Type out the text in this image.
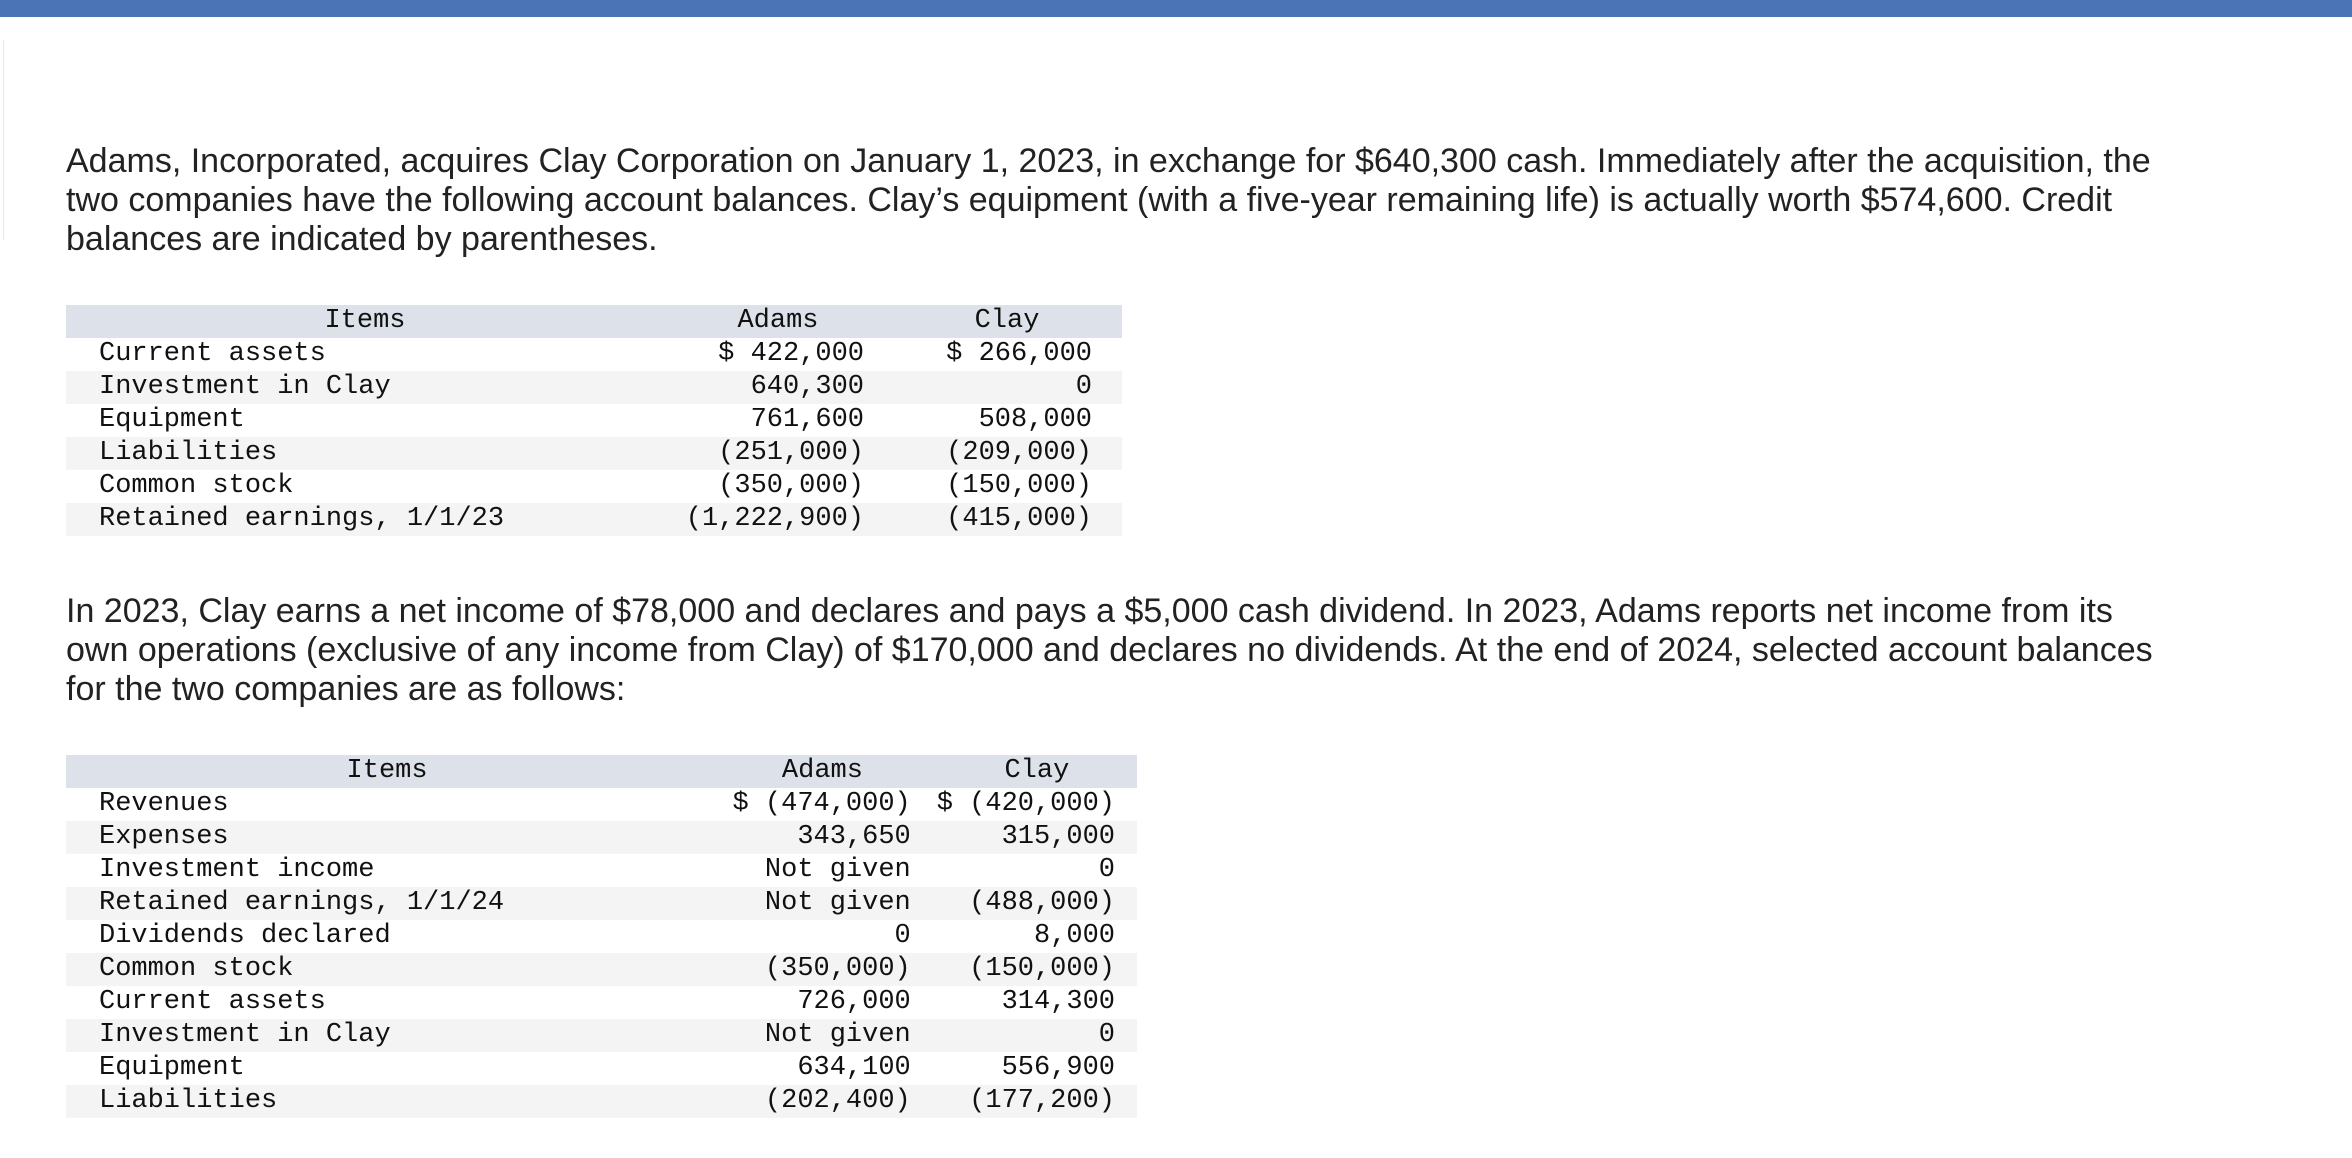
Adams, Incorporated, acquires Clay Corporation on January 1, 2023, in exchange for $640,300 cash. Immediately after the acquisition, the two companies have the following account balances. Clay’s equipment (with a five-year remaining life) is actually worth $574,600. Credit balances are indicated by parentheses.

Items	Adams	Clay
Current assets	$ 422,000	$ 266,000
Investment in Clay	640,300	0
Equipment	761,600	508,000
Liabilities	(251,000)	(209,000)
Common stock	(350,000)	(150,000)
Retained earnings, 1/1/23	(1,222,900)	(415,000)

In 2023, Clay earns a net income of $78,000 and declares and pays a $5,000 cash dividend. In 2023, Adams reports net income from its own operations (exclusive of any income from Clay) of $170,000 and declares no dividends. At the end of 2024, selected account balances for the two companies are as follows:

Items	Adams	Clay
Revenues	$ (474,000)	$ (420,000)
Expenses	343,650	315,000
Investment income	Not given	0
Retained earnings, 1/1/24	Not given	(488,000)
Dividends declared	0	8,000
Common stock	(350,000)	(150,000)
Current assets	726,000	314,300
Investment in Clay	Not given	0
Equipment	634,100	556,900
Liabilities	(202,400)	(177,200)
